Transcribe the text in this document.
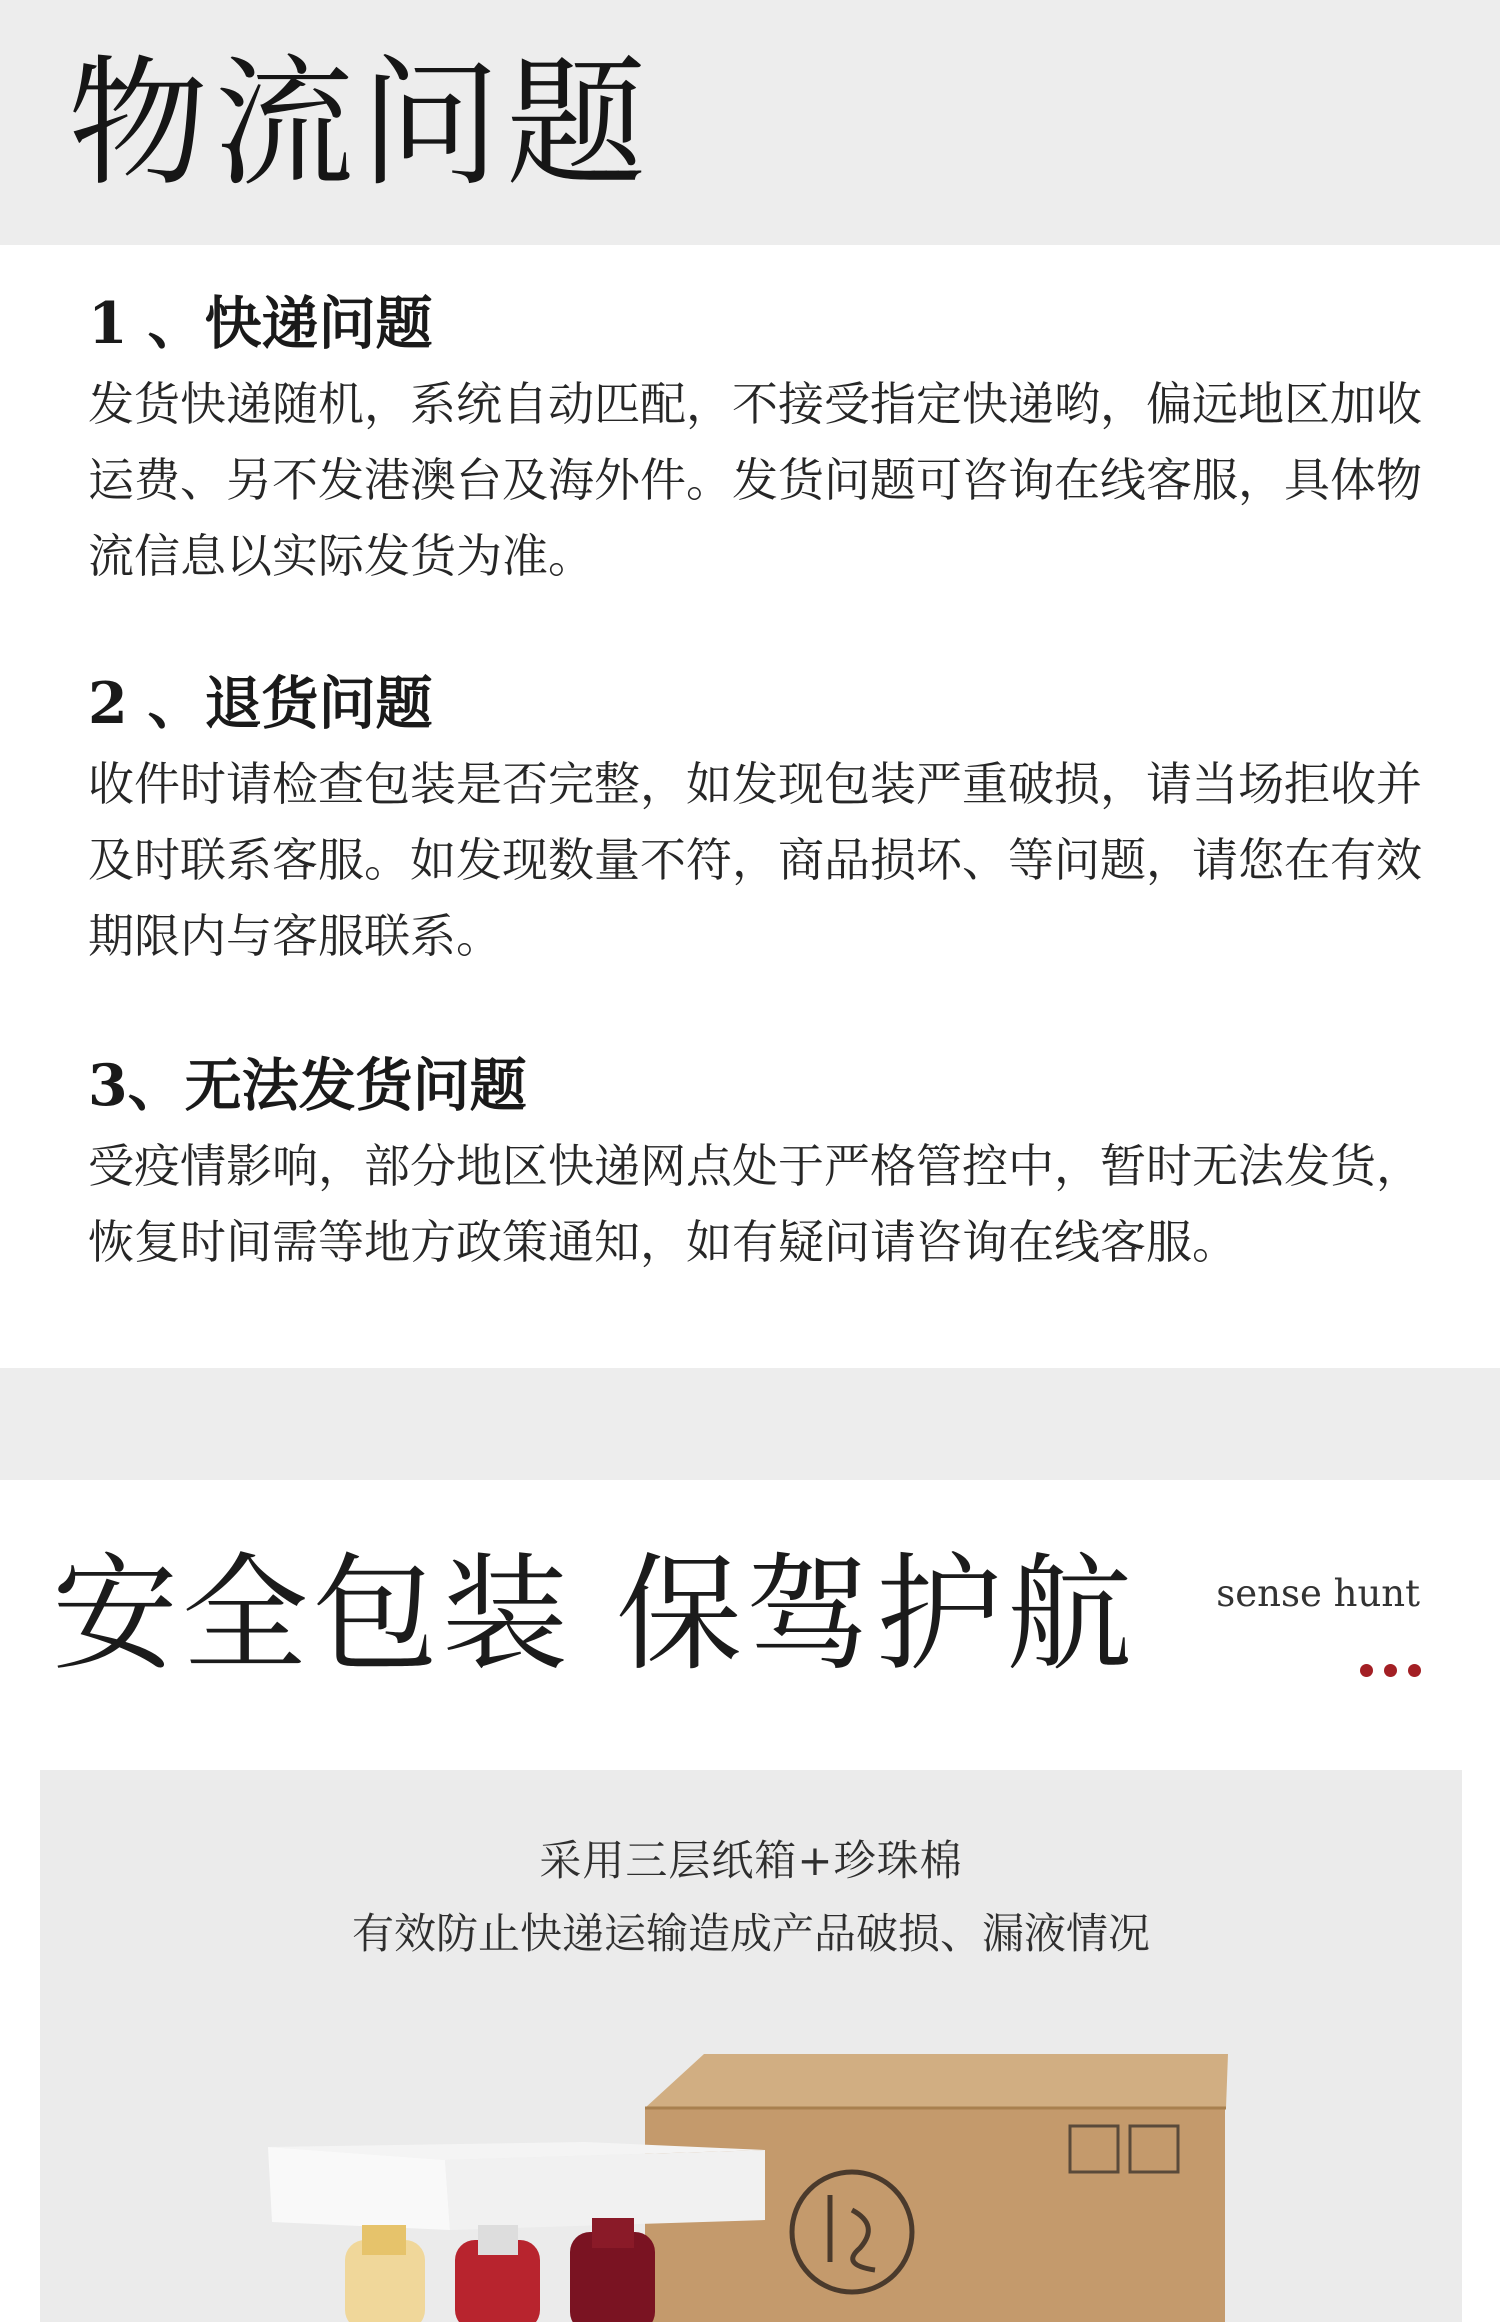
物流问题
1 、快递问题

发货快递随机，系统自动匹配，不接受指定快递哟，偏远地区加收运费、另不发港澳台及海外件。发货问题可咨询在线客服，具体物流信息以实际发货为准。

2 、退货问题

收件时请检查包装是否完整，如发现包装严重破损，请当场拒收并及时联系客服。如发现数量不符，商品损坏、等问题，请您在有效期限内与客服联系。

3、无法发货问题

受疫情影响，部分地区快递网点处于严格管控中，暂时无法发货，恢复时间需等地方政策通知，如有疑问请咨询在线客服。

安全包装 保驾护航	sense hunt
采用三层纸箱+珍珠棉
有效防止快递运输造成产品破损、漏液情况
